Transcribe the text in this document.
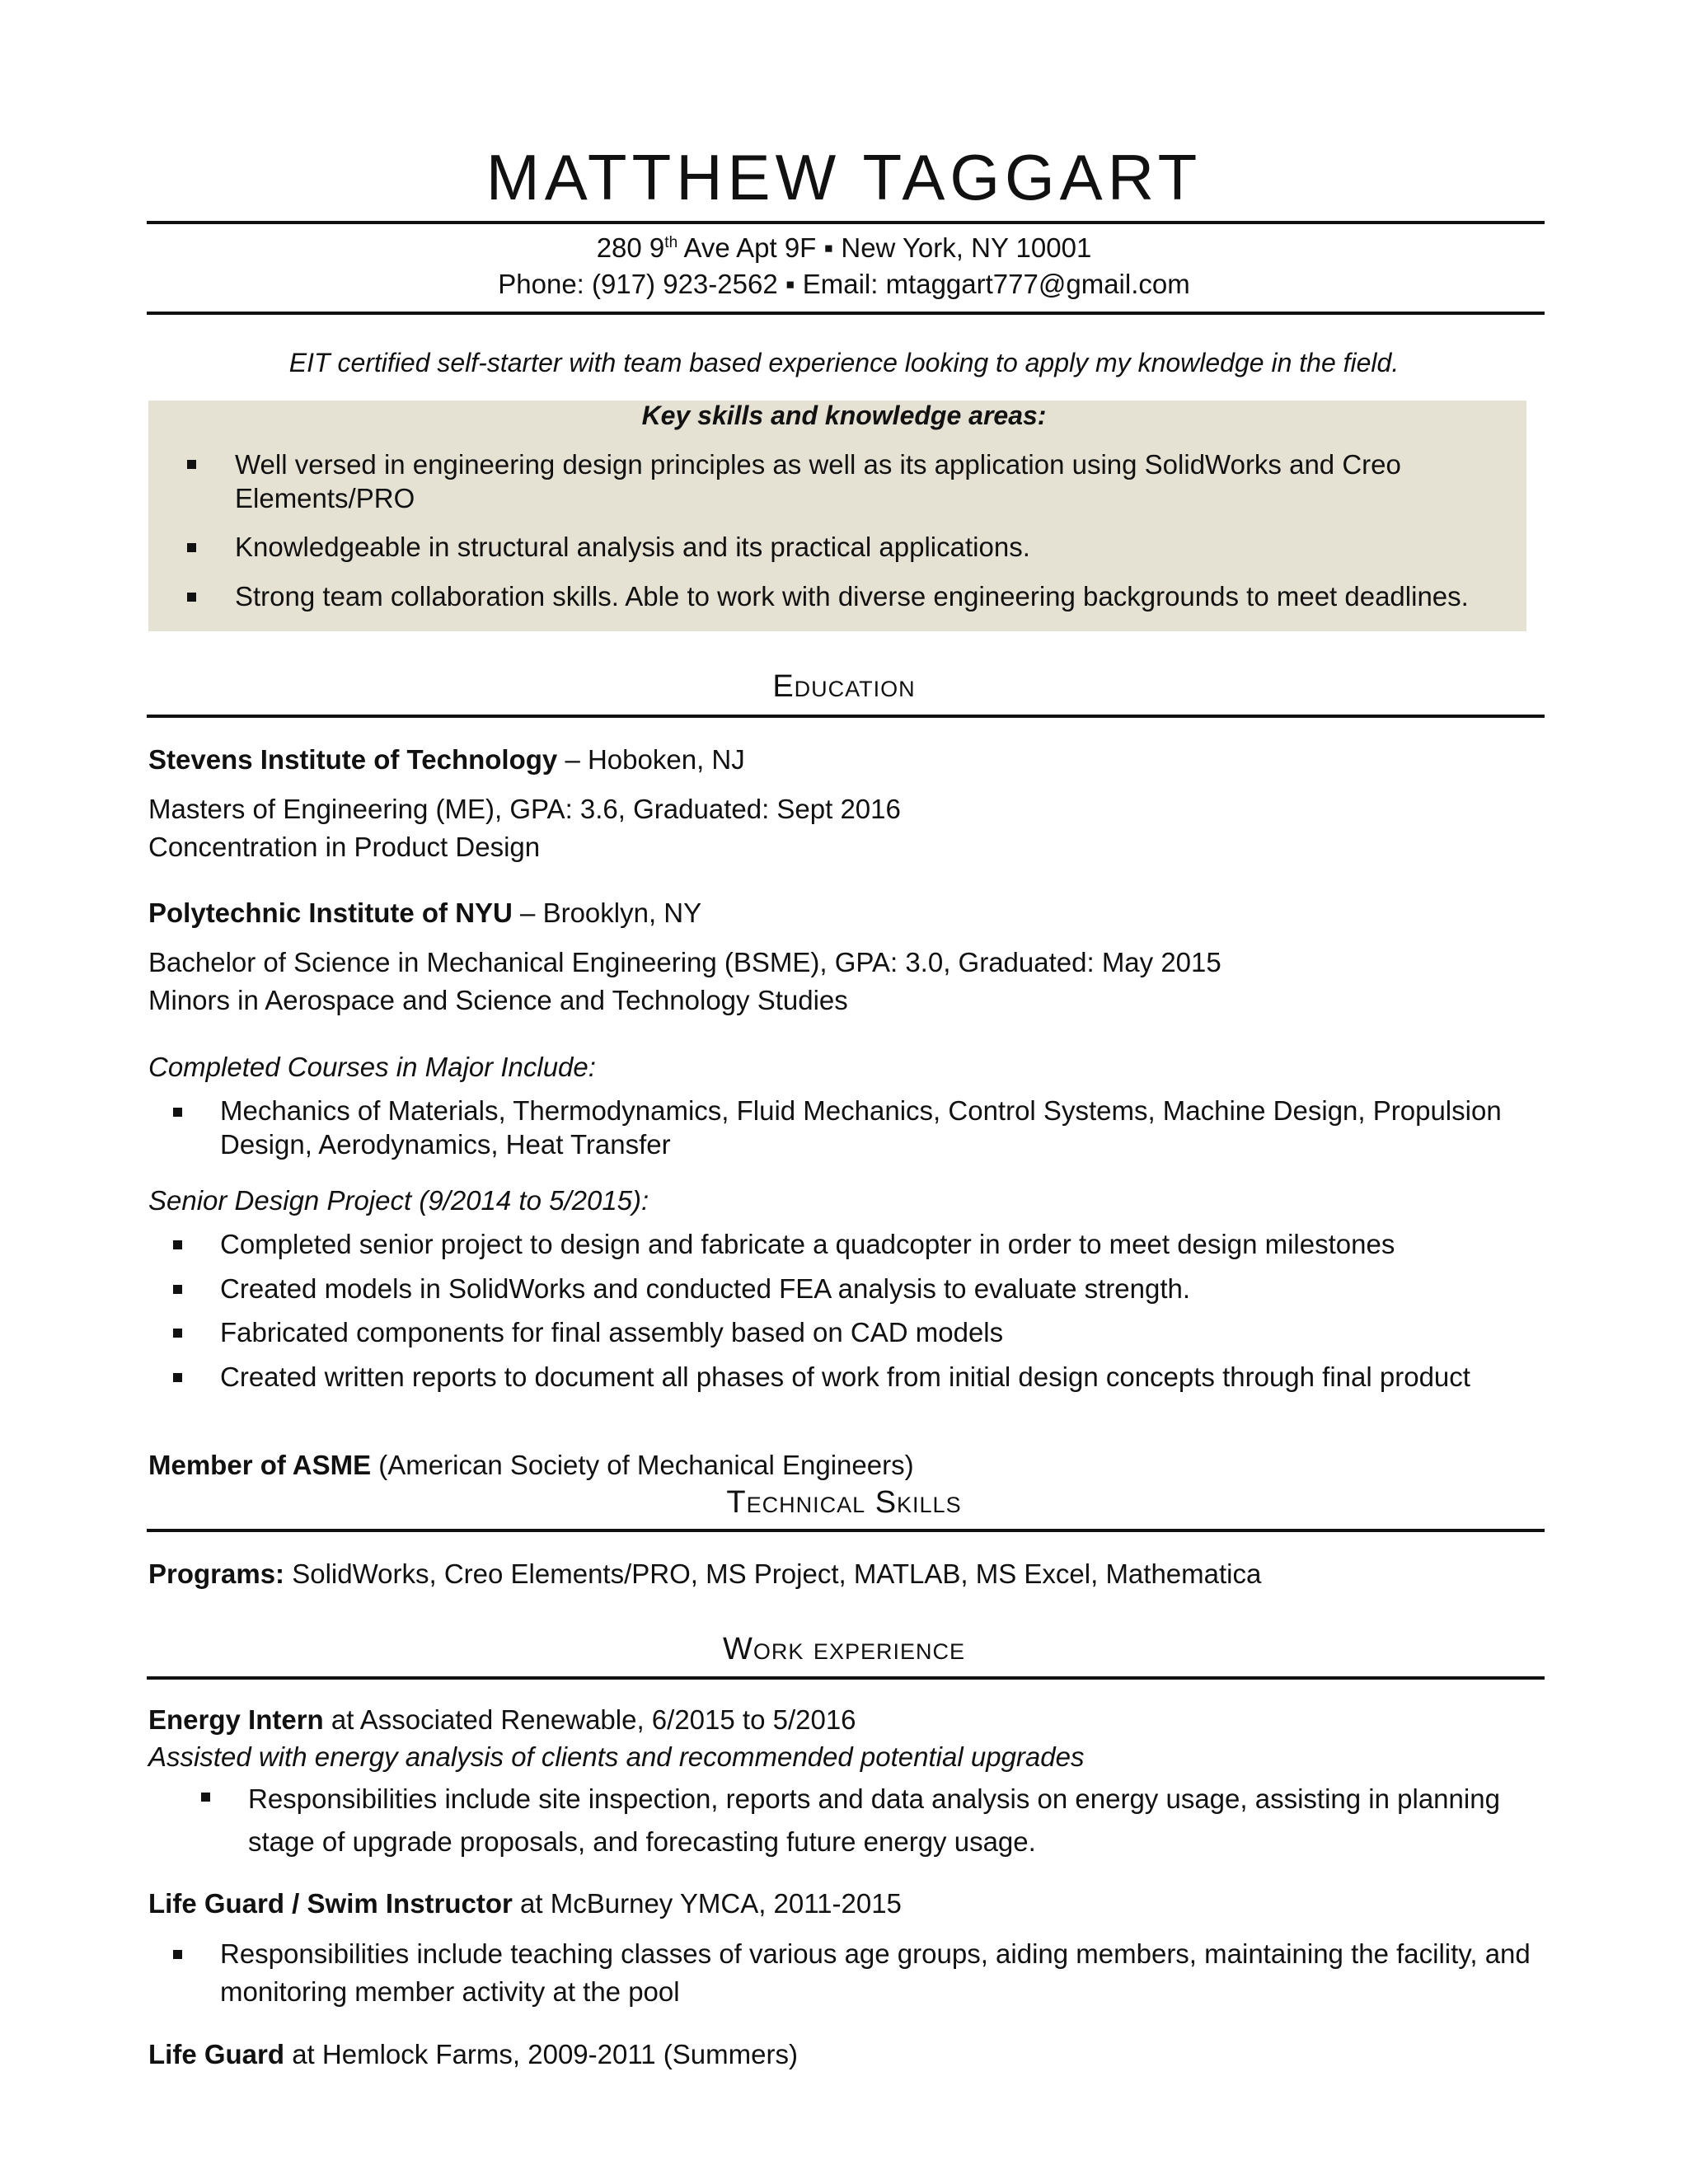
MATTHEW TAGGART
280 9th Ave Apt 9F ▪ New York, NY 10001
Phone: (917) 923-2562 ▪ Email: mtaggart777@gmail.com
EIT certified self-starter with team based experience looking to apply my knowledge in the field.
Key skills and knowledge areas:
Well versed in engineering design principles as well as its application using SolidWorks and Creo Elements/PRO
Knowledgeable in structural analysis and its practical applications.
Strong team collaboration skills. Able to work with diverse engineering backgrounds to meet deadlines.
Education
Stevens Institute of Technology – Hoboken, NJ
Masters of Engineering (ME), GPA: 3.6, Graduated: Sept 2016
Concentration in Product Design
Polytechnic Institute of NYU – Brooklyn, NY
Bachelor of Science in Mechanical Engineering (BSME), GPA: 3.0, Graduated: May 2015
Minors in Aerospace and Science and Technology Studies
Completed Courses in Major Include:
Mechanics of Materials, Thermodynamics, Fluid Mechanics, Control Systems, Machine Design, Propulsion Design, Aerodynamics, Heat Transfer
Senior Design Project (9/2014 to 5/2015):
Completed senior project to design and fabricate a quadcopter in order to meet design milestones
Created models in SolidWorks and conducted FEA analysis to evaluate strength.
Fabricated components for final assembly based on CAD models
Created written reports to document all phases of work from initial design concepts through final product
Member of ASME (American Society of Mechanical Engineers)
Technical Skills
Programs: SolidWorks, Creo Elements/PRO, MS Project, MATLAB, MS Excel, Mathematica
Work experience
Energy Intern at Associated Renewable, 6/2015 to 5/2016
Assisted with energy analysis of clients and recommended potential upgrades
Responsibilities include site inspection, reports and data analysis on energy usage, assisting in planning stage of upgrade proposals, and forecasting future energy usage.
Life Guard / Swim Instructor at McBurney YMCA, 2011-2015
Responsibilities include teaching classes of various age groups, aiding members, maintaining the facility, and monitoring member activity at the pool
Life Guard at Hemlock Farms, 2009-2011 (Summers)
